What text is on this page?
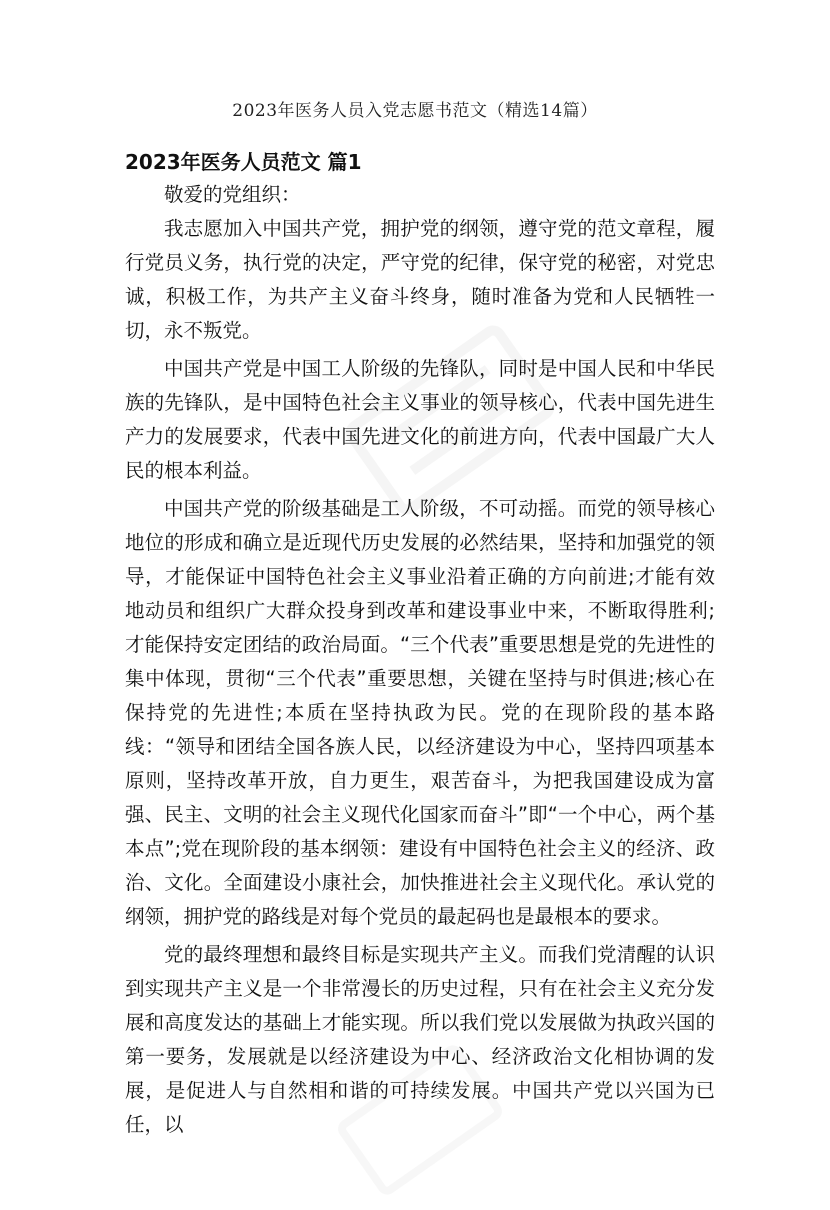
2023年医务人员入党志愿书范文（精选14篇）
2023年医务人员范文 篇1

敬爱的党组织：

我志愿加入中国共产党，拥护党的纲领，遵守党的范文章程，履行党员义务，执行党的决定，严守党的纪律，保守党的秘密，对党忠诚，积极工作，为共产主义奋斗终身，随时准备为党和人民牺牲一切，永不叛党。

中国共产党是中国工人阶级的先锋队，同时是中国人民和中华民族的先锋队，是中国特色社会主义事业的领导核心，代表中国先进生产力的发展要求，代表中国先进文化的前进方向，代表中国最广大人民的根本利益。

中国共产党的阶级基础是工人阶级，不可动摇。而党的领导核心地位的形成和确立是近现代历史发展的必然结果，坚持和加强党的领导，才能保证中国特色社会主义事业沿着正确的方向前进;才能有效地动员和组织广大群众投身到改革和建设事业中来，不断取得胜利;才能保持安定团结的政治局面。“三个代表”重要思想是党的先进性的集中体现，贯彻“三个代表”重要思想，关键在坚持与时俱进;核心在保持党的先进性;本质在坚持执政为民。党的在现阶段的基本路线：“领导和团结全国各族人民，以经济建设为中心，坚持四项基本原则，坚持改革开放，自力更生，艰苦奋斗，为把我国建设成为富强、民主、文明的社会主义现代化国家而奋斗”即“一个中心，两个基本点”;党在现阶段的基本纲领：建设有中国特色社会主义的经济、政治、文化。全面建设小康社会，加快推进社会主义现代化。承认党的纲领，拥护党的路线是对每个党员的最起码也是最根本的要求。

党的最终理想和最终目标是实现共产主义。而我们党清醒的认识到实现共产主义是一个非常漫长的历史过程，只有在社会主义充分发展和高度发达的基础上才能实现。所以我们党以发展做为执政兴国的第一要务，发展就是以经济建设为中心、经济政治文化相协调的发展，是促进人与自然相和谐的可持续发展。中国共产党以兴国为已任，以
